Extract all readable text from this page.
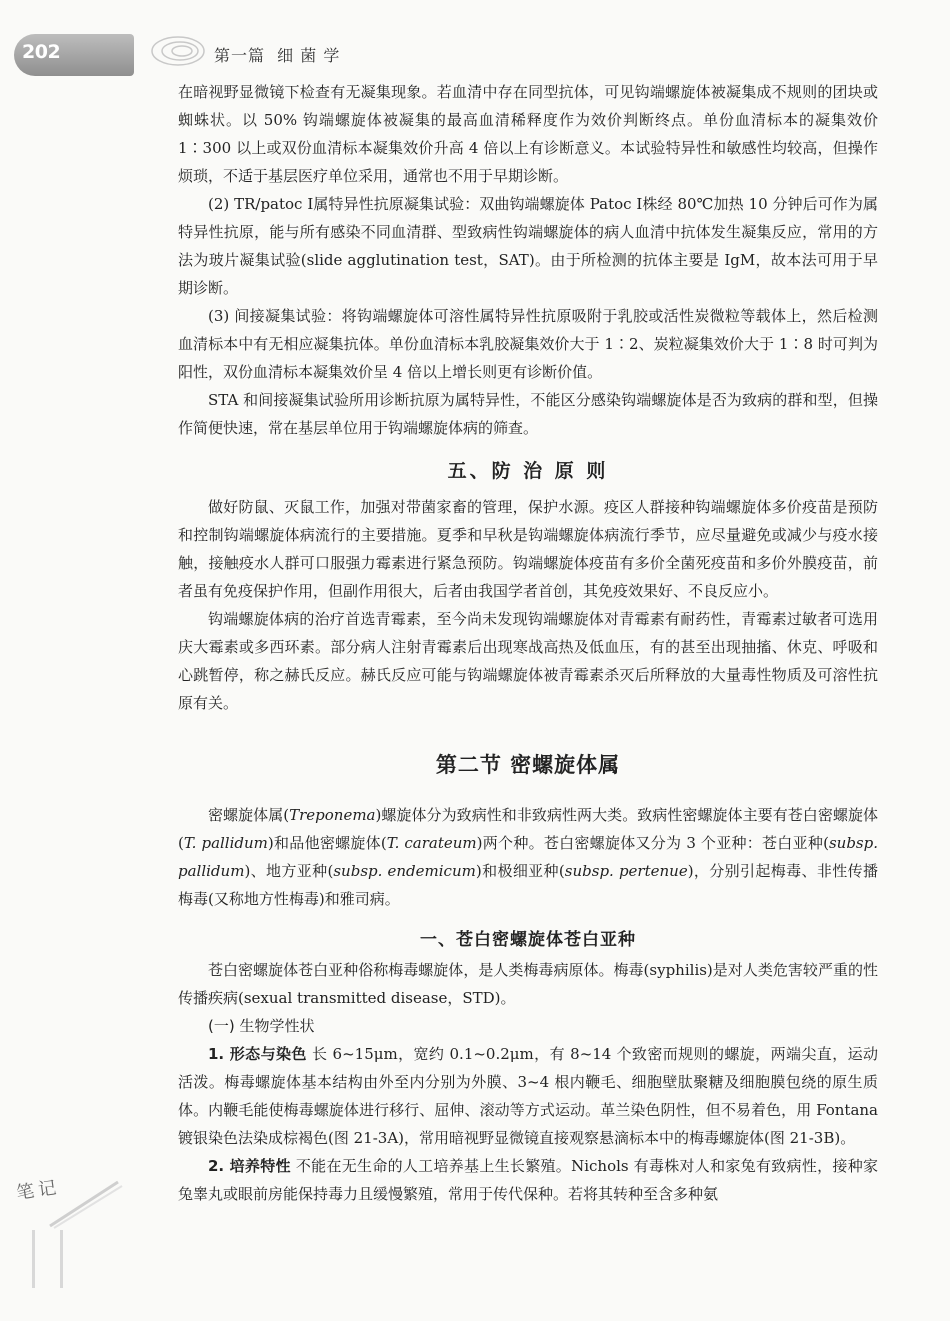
202	第一篇  细 菌 学

在暗视野显微镜下检查有无凝集现象。若血清中存在同型抗体，可见钩端螺旋体被凝集成不规则的团块或蜘蛛状。以 50% 钩端螺旋体被凝集的最高血清稀释度作为效价判断终点。单份血清标本的凝集效价 1∶300 以上或双份血清标本凝集效价升高 4 倍以上有诊断意义。本试验特异性和敏感性均较高，但操作烦琐，不适于基层医疗单位采用，通常也不用于早期诊断。

(2) TR/patoc Ⅰ属特异性抗原凝集试验：双曲钩端螺旋体 Patoc Ⅰ株经 80℃加热 10 分钟后可作为属特异性抗原，能与所有感染不同血清群、型致病性钩端螺旋体的病人血清中抗体发生凝集反应，常用的方法为玻片凝集试验(slide agglutination test，SAT)。由于所检测的抗体主要是 IgM，故本法可用于早期诊断。

(3) 间接凝集试验：将钩端螺旋体可溶性属特异性抗原吸附于乳胶或活性炭微粒等载体上，然后检测血清标本中有无相应凝集抗体。单份血清标本乳胶凝集效价大于 1∶2、炭粒凝集效价大于 1∶8 时可判为阳性，双份血清标本凝集效价呈 4 倍以上增长则更有诊断价值。

STA 和间接凝集试验所用诊断抗原为属特异性，不能区分感染钩端螺旋体是否为致病的群和型，但操作简便快速，常在基层单位用于钩端螺旋体病的筛查。

五、防 治 原 则

做好防鼠、灭鼠工作，加强对带菌家畜的管理，保护水源。疫区人群接种钩端螺旋体多价疫苗是预防和控制钩端螺旋体病流行的主要措施。夏季和早秋是钩端螺旋体病流行季节，应尽量避免或减少与疫水接触，接触疫水人群可口服强力霉素进行紧急预防。钩端螺旋体疫苗有多价全菌死疫苗和多价外膜疫苗，前者虽有免疫保护作用，但副作用很大，后者由我国学者首创，其免疫效果好、不良反应小。

钩端螺旋体病的治疗首选青霉素，至今尚未发现钩端螺旋体对青霉素有耐药性，青霉素过敏者可选用庆大霉素或多西环素。部分病人注射青霉素后出现寒战高热及低血压，有的甚至出现抽搐、休克、呼吸和心跳暂停，称之赫氏反应。赫氏反应可能与钩端螺旋体被青霉素杀灭后所释放的大量毒性物质及可溶性抗原有关。

第二节 密螺旋体属

密螺旋体属(Treponema)螺旋体分为致病性和非致病性两大类。致病性密螺旋体主要有苍白密螺旋体(T. pallidum)和品他密螺旋体(T. carateum)两个种。苍白密螺旋体又分为 3 个亚种：苍白亚种(subsp. pallidum)、地方亚种(subsp. endemicum)和极细亚种(subsp. pertenue)，分别引起梅毒、非性传播梅毒(又称地方性梅毒)和雅司病。

一、苍白密螺旋体苍白亚种

苍白密螺旋体苍白亚种俗称梅毒螺旋体，是人类梅毒病原体。梅毒(syphilis)是对人类危害较严重的性传播疾病(sexual transmitted disease，STD)。

(一) 生物学性状

1. 形态与染色 长 6~15μm，宽约 0.1~0.2μm，有 8~14 个致密而规则的螺旋，两端尖直，运动活泼。梅毒螺旋体基本结构由外至内分别为外膜、3~4 根内鞭毛、细胞壁肽聚糖及细胞膜包绕的原生质体。内鞭毛能使梅毒螺旋体进行移行、屈伸、滚动等方式运动。革兰染色阴性，但不易着色，用 Fontana 镀银染色法染成棕褐色(图 21-3A)，常用暗视野显微镜直接观察悬滴标本中的梅毒螺旋体(图 21-3B)。

2. 培养特性 不能在无生命的人工培养基上生长繁殖。Nichols 有毒株对人和家兔有致病性，接种家兔睾丸或眼前房能保持毒力且缓慢繁殖，常用于传代保种。若将其转种至含多种氨

笔记
